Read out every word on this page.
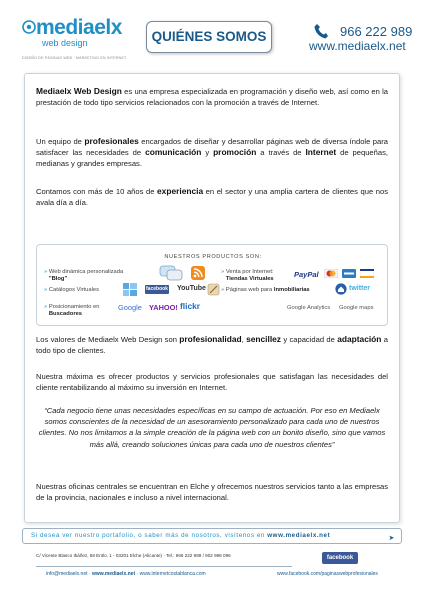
mediaelx
web design
DISEÑO DE PÁGINAS WEB · MARKETING EN INTERNET
QUIÉNES SOMOS	966 222 989
www.mediaelx.net

Mediaelx Web Design es una empresa especializada en programación y diseño web, así como en la prestación de todo tipo servicios relacionados con la promoción a través de Internet.

Un equipo de profesionales encargados de diseñar y desarrollar páginas web de diversa índole para satisfacer las necesidades de comunicación y promoción a través de Internet de pequeñas, medianas y grandes empresas.

Contamos con más de 10 años de experiencia en el sector y una amplia cartera de clientes que nos avala día a día.

NUESTROS PRODUCTOS SON:
» Web dinámica personalizada
"Blog"
» Catálogos Virtuales
» Posicionamiento en
Buscadores
» Venta por Internet:
Tiendas Virtuales
» Páginas web para Inmobiliarias
PayPal
facebook YouTube	twitter
Google YAHOO! flickr	Google Analytics Google maps

Los valores de Mediaelx Web Design son profesionalidad, sencillez y capacidad de adaptación a todo tipo de clientes.

Nuestra máxima es ofrecer productos y servicios profesionales que satisfagan las necesidades del cliente rentabilizando al máximo su inversión en Internet.

“Cada negocio tiene unas necesidades específicas en su campo de actuación. Por eso en Mediaelx somos conscientes de la necesidad de un asesoramiento personalizado para cada uno de nuestros clientes. No nos limitamos a la simple creación de la página web con un bonito diseño, sino que vamos más allá, creando soluciones únicas para cada uno de nuestros clientes”

Nuestras oficinas centrales se encuentran en Elche y ofrecemos nuestros servicios tanto a las empresas de la provincia, nacionales e incluso a nivel internacional.

Si desea ver nuestro portafolio, o saber más de nosotros, visítenos en www.mediaelx.net	➤
C/ Vicente Blasco Ibáñez, 58 Entlo. 1 - 03201 Elche (Alicante) · Tel.: 966 222 989 / 902 998 096	facebook
info@mediaelx.net · www.mediaelx.net · www.internetcostablanca.com	www.facebook.com/paginaswebprofesionales
